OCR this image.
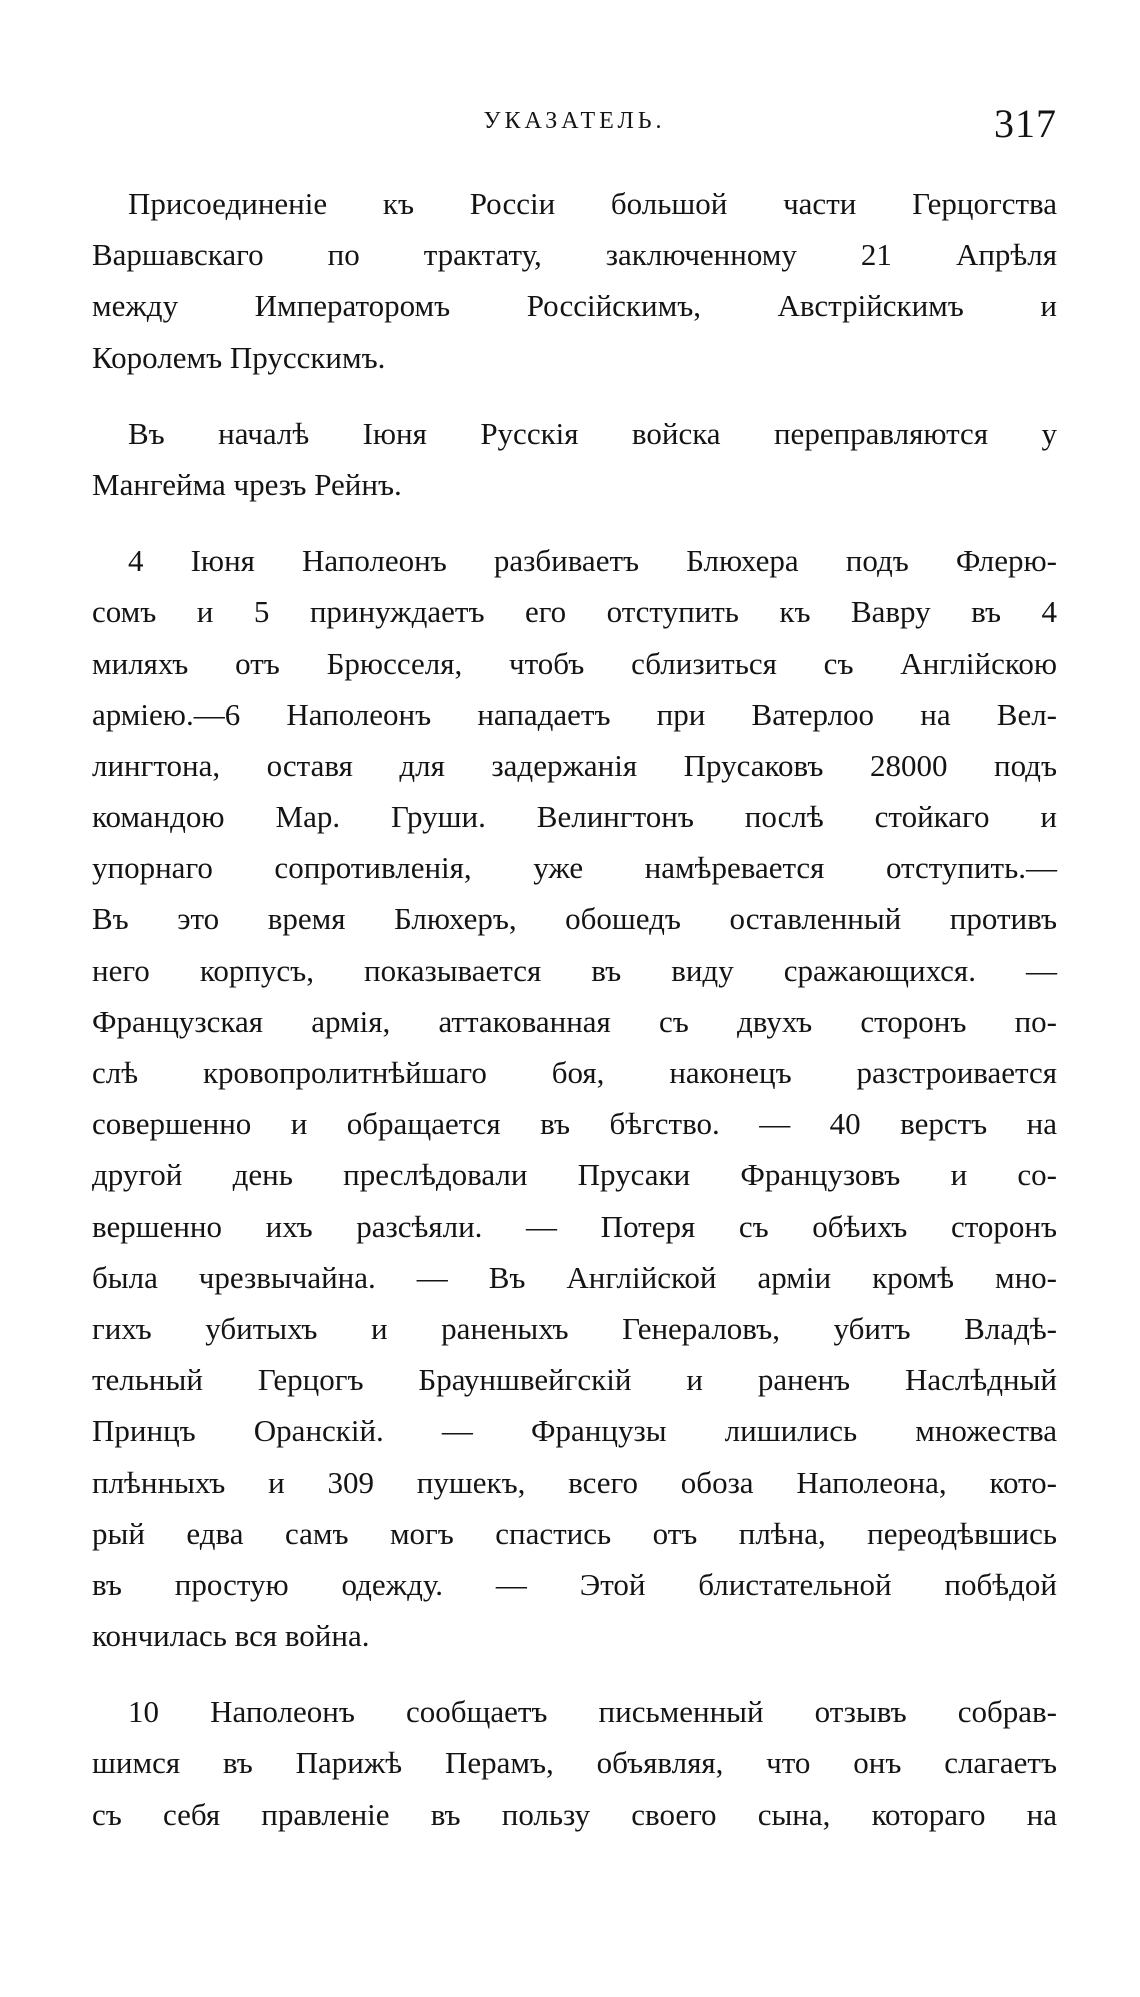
УКАЗАТЕЛЬ.	317

Присоединеніе къ Россіи большой части Герцогства
Варшавскаго по трактату, заключенному 21 Апрѣля
между Императоромъ Россійскимъ, Австрійскимъ и
Королемъ Прусскимъ.

Въ началѣ Іюня Русскія войска переправляются у
Мангейма чрезъ Рейнъ.

4 Іюня Наполеонъ разбиваетъ Блюхера подъ Флерю-
сомъ и 5 принуждаетъ его отступить къ Вавру въ 4
миляхъ отъ Брюсселя, чтобъ сблизиться съ Англійскою
арміею.—6 Наполеонъ нападаетъ при Ватерлоо на Вел-
лингтона, оставя для задержанія Прусаковъ 28000 подъ
командою Мар. Груши. Велингтонъ послѣ стойкаго и
упорнаго сопротивленія, уже намѣревается отступить.—
Въ это время Блюхеръ, обошедъ оставленный противъ
него корпусъ, показывается въ виду сражающихся. —
Французская армія, аттакованная съ двухъ сторонъ по-
слѣ кровопролитнѣйшаго боя, наконецъ разстроивается
совершенно и обращается въ бѣгство. — 40 верстъ на
другой день преслѣдовали Прусаки Французовъ и со-
вершенно ихъ разсѣяли. — Потеря съ обѣихъ сторонъ
была чрезвычайна. — Въ Англійской арміи кромѣ мно-
гихъ убитыхъ и раненыхъ Генераловъ, убитъ Владѣ-
тельный Герцогъ Брауншвейгскій и раненъ Наслѣдный
Принцъ Оранскій. — Французы лишились множества
плѣнныхъ и 309 пушекъ, всего обоза Наполеона, кото-
рый едва самъ могъ спастись отъ плѣна, переодѣвшись
въ простую одежду. — Этой блистательной побѣдой
кончилась вся война.

10 Наполеонъ сообщаетъ письменный отзывъ собрав-
шимся въ Парижѣ Перамъ, объявляя, что онъ слагаетъ
съ себя правленіе въ пользу своего сына, котораго на
